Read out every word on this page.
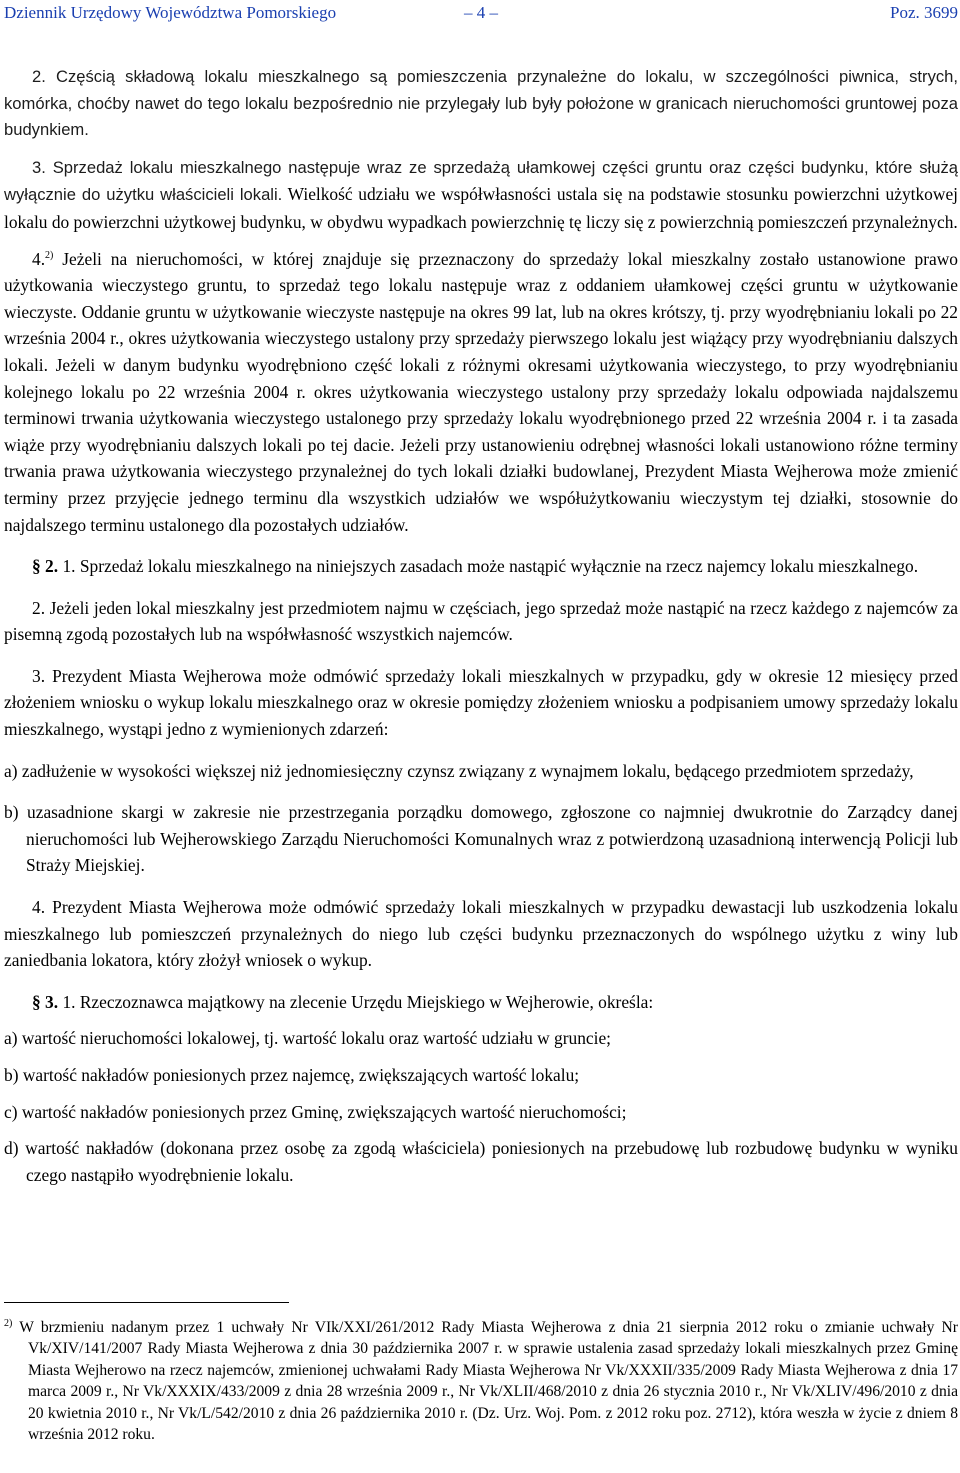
Dziennik Urzędowy Województwa Pomorskiego	– 4 –	Poz. 3699

2. Częścią składową lokalu mieszkalnego są pomieszczenia przynależne do lokalu, w szczególności piwnica, strych, komórka, choćby nawet do tego lokalu bezpośrednio nie przylegały lub były położone w granicach nieruchomości gruntowej poza budynkiem.

3. Sprzedaż lokalu mieszkalnego następuje wraz ze sprzedażą ułamkowej części gruntu oraz części budynku, które służą wyłącznie do użytku właścicieli lokali. Wielkość udziału we współwłasności ustala się na podstawie stosunku powierzchni użytkowej lokalu do powierzchni użytkowej budynku, w obydwu wypadkach powierzchnię tę liczy się z powierzchnią pomieszczeń przynależnych.

4.$^{2)}$ Jeżeli na nieruchomości, w której znajduje się przeznaczony do sprzedaży lokal mieszkalny zostało ustanowione prawo użytkowania wieczystego gruntu, to sprzedaż tego lokalu następuje wraz z oddaniem ułamkowej części gruntu w użytkowanie wieczyste. Oddanie gruntu w użytkowanie wieczyste następuje na okres 99 lat, lub na okres krótszy, tj. przy wyodrębnianiu lokali po 22 września 2004 r., okres użytkowania wieczystego ustalony przy sprzedaży pierwszego lokalu jest wiążący przy wyodrębnianiu dalszych lokali. Jeżeli w danym budynku wyodrębniono część lokali z różnymi okresami użytkowania wieczystego, to przy wyodrębnianiu kolejnego lokalu po 22 września 2004 r. okres użytkowania wieczystego ustalony przy sprzedaży lokalu odpowiada najdalszemu terminowi trwania użytkowania wieczystego ustalonego przy sprzedaży lokalu wyodrębnionego przed 22 września 2004 r. i ta zasada wiąże przy wyodrębnianiu dalszych lokali po tej dacie. Jeżeli przy ustanowieniu odrębnej własności lokali ustanowiono różne terminy trwania prawa użytkowania wieczystego przynależnej do tych lokali działki budowlanej, Prezydent Miasta Wejherowa może zmienić terminy przez przyjęcie jednego terminu dla wszystkich udziałów we współużytkowaniu wieczystym tej działki, stosownie do najdalszego terminu ustalonego dla pozostałych udziałów.

§ 2. 1. Sprzedaż lokalu mieszkalnego na niniejszych zasadach może nastąpić wyłącznie na rzecz najemcy lokalu mieszkalnego.

2. Jeżeli jeden lokal mieszkalny jest przedmiotem najmu w częściach, jego sprzedaż może nastąpić na rzecz każdego z najemców za pisemną zgodą pozostałych lub na współwłasność wszystkich najemców.

3. Prezydent Miasta Wejherowa może odmówić sprzedaży lokali mieszkalnych w przypadku, gdy w okresie 12 miesięcy przed złożeniem wniosku o wykup lokalu mieszkalnego oraz w okresie pomiędzy złożeniem wniosku a podpisaniem umowy sprzedaży lokalu mieszkalnego, wystąpi jedno z wymienionych zdarzeń:

a) zadłużenie w wysokości większej niż jednomiesięczny czynsz związany z wynajmem lokalu, będącego przedmiotem sprzedaży,
b) uzasadnione skargi w zakresie nie przestrzegania porządku domowego, zgłoszone co najmniej dwukrotnie do Zarządcy danej nieruchomości lub Wejherowskiego Zarządu Nieruchomości Komunalnych wraz z potwierdzoną uzasadnioną interwencją Policji lub Straży Miejskiej.

4. Prezydent Miasta Wejherowa może odmówić sprzedaży lokali mieszkalnych w przypadku dewastacji lub uszkodzenia lokalu mieszkalnego lub pomieszczeń przynależnych do niego lub części budynku przeznaczonych do wspólnego użytku z winy lub zaniedbania lokatora, który złożył wniosek o wykup.

§ 3. 1. Rzeczoznawca majątkowy na zlecenie Urzędu Miejskiego w Wejherowie, określa:

a) wartość nieruchomości lokalowej, tj. wartość lokalu oraz wartość udziału w gruncie;
b) wartość nakładów poniesionych przez najemcę, zwiększających wartość lokalu;
c) wartość nakładów poniesionych przez Gminę, zwiększających wartość nieruchomości;
d) wartość nakładów (dokonana przez osobę za zgodą właściciela) poniesionych na przebudowę lub rozbudowę budynku w wyniku czego nastąpiło wyodrębnienie lokalu.
$^{2)}$ W brzmieniu nadanym przez 1 uchwały Nr VIk/XXI/261/2012 Rady Miasta Wejherowa z dnia 21 sierpnia 2012 roku o zmianie uchwały Nr Vk/XIV/141/2007 Rady Miasta Wejherowa z dnia 30 października 2007 r. w sprawie ustalenia zasad sprzedaży lokali mieszkalnych przez Gminę Miasta Wejherowo na rzecz najemców, zmienionej uchwałami Rady Miasta Wejherowa Nr Vk/XXXII/335/2009 Rady Miasta Wejherowa z dnia 17 marca 2009 r., Nr Vk/XXXIX/433/2009 z dnia 28 września 2009 r., Nr Vk/XLII/468/2010 z dnia 26 stycznia 2010 r., Nr Vk/XLIV/496/2010 z dnia 20 kwietnia 2010 r., Nr Vk/L/542/2010 z dnia 26 października 2010 r. (Dz. Urz. Woj. Pom. z 2012 roku poz. 2712), która weszła w życie z dniem 8 września 2012 roku.
